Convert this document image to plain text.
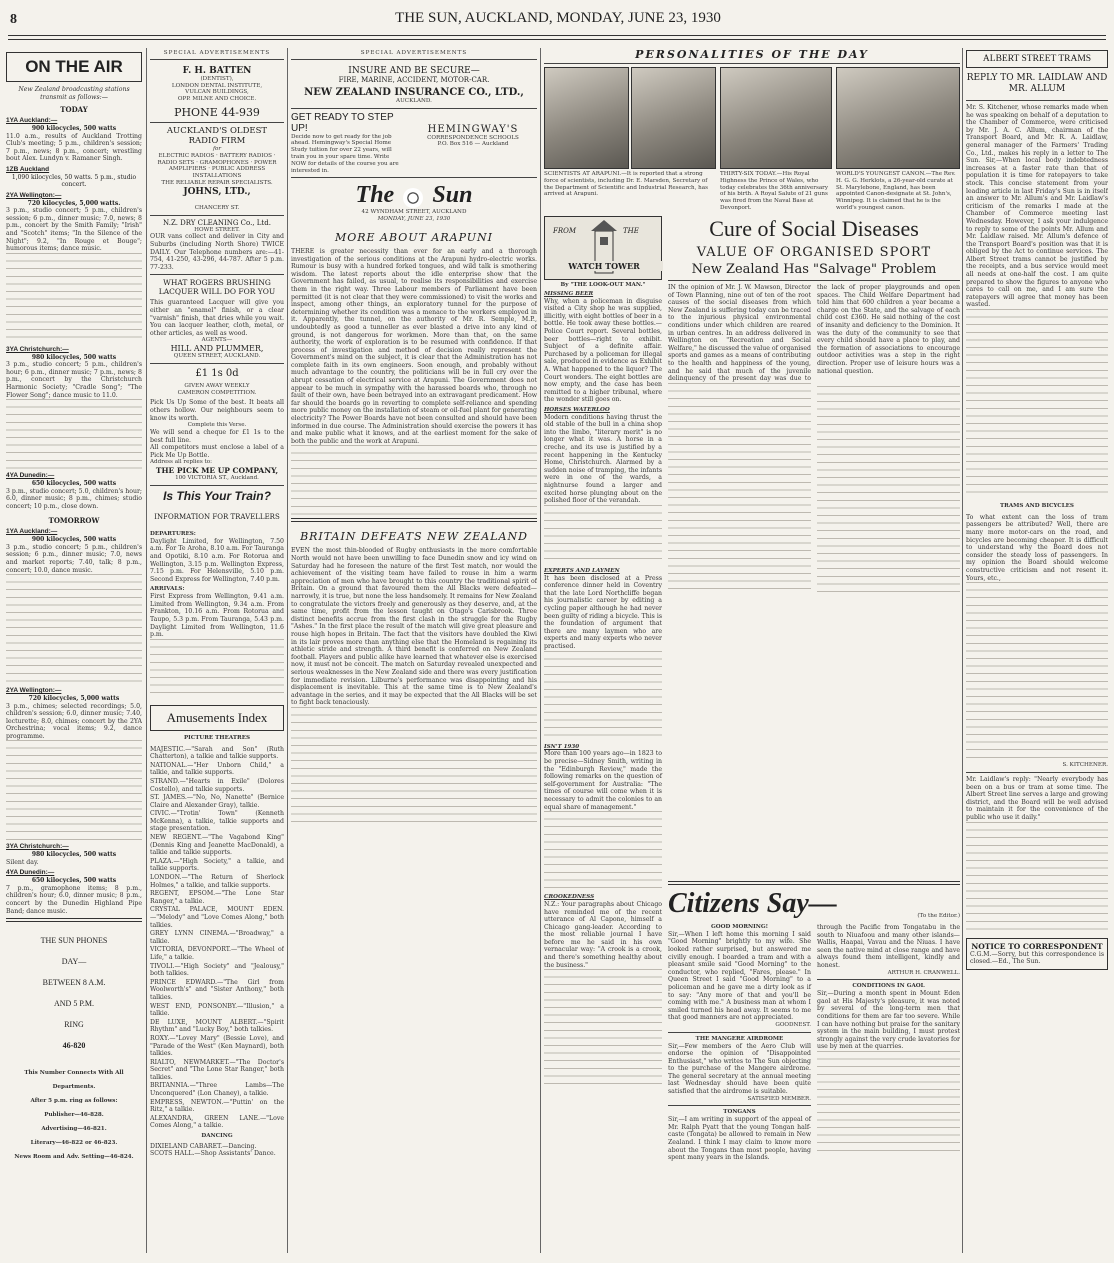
8	THE SUN, AUCKLAND, MONDAY, JUNE 23, 1930
ON THE AIR
New Zealand broadcasting stations transmit as follows:—
TODAY
1YA Auckland:—
900 kilocycles, 500 watts
11.0 a.m., results of Auckland Trotting Club's meeting; 5 p.m., children's session; 7 p.m., news; 8 p.m., concert; wrestling bout Alex. Lundyn v. Ramaner Singh.
1ZB Auckland
1,090 kilocycles, 50 watts. 5 p.m., studio concert.
2YA Wellington:—
720 kilocycles, 5,000 watts.
3 p.m., studio concert; 5 p.m., children's session; 6 p.m., dinner music; 7.0, news; 8 p.m., concert by the Smith Family; "Irish" and "Scotch" items; "In the Silence of the Night"; 9.2, "In Rouge et Bouge"; humorous items; dance music.
3YA Christchurch:—
980 kilocycles, 500 watts
3 p.m., studio concert; 5 p.m., children's hour; 6 p.m., dinner music; 7 p.m., news; 8 p.m., concert by the Christchurch Harmonic Society; "Cradle Song"; "The Flower Song"; dance music to 11.0.
4YA Dunedin:—
650 kilocycles, 500 watts
3 p.m., studio concert; 5.0, children's hour; 6.0, dinner music; 8 p.m., chimes; studio concert; 10 p.m., close down.
TOMORROW
1YA Auckland:—
900 kilocycles, 500 watts
3 p.m., studio concert; 5 p.m., children's session; 6 p.m., dinner music; 7.0, news and market reports; 7.40, talk; 8 p.m., concert; 10.0, dance music.
2YA Wellington:—
720 kilocycles, 5,000 watts
3 p.m., chimes; selected recordings; 5.0, children's session; 6.0, dinner music; 7.40, lecturette; 8.0, chimes; concert by the 2YA Orchestrina; vocal items; 9.2, dance programme.
3YA Christchurch:—
980 kilocycles, 500 watts
Silent day.
4YA Dunedin:—
650 kilocycles, 500 watts
7 p.m., gramophone items; 8 p.m., children's hour; 6.0, dinner music; 8 p.m., concert by the Dunedin Highland Pipe Band; dance music.
THE SUN PHONES
DAY—
BETWEEN 8 A.M.
AND 5 P.M.
RING
46-820
This Number Connects With All Departments.
After 5 p.m. ring as follows:
Publisher—46-828.
Advertising—46-821.
Literary—46-822 or 46-823.
News Room and Adv. Setting—46-824.
SPECIAL ADVERTISEMENTS
F. H. BATTEN
(DENTIST),
LONDON DENTAL INSTITUTE,
VULCAN BUILDINGS,
OPP. MILNE AND CHOICE.
PHONE 44-939
AUCKLAND'S OLDEST
RADIO FIRM
for
ELECTRIC RADIOS · BATTERY RADIOS · RADIO SETS · GRAMOPHONES · POWER AMPLIFIERS · PUBLIC ADDRESS INSTALLATIONS
THE RELIABLE REPAIR SPECIALISTS.
JOHNS, LTD.,
CHANCERY ST.
N.Z. DRY CLEANING Co., Ltd.
HOWE STREET.
OUR vans collect and deliver in City and Suburbs (including North Shore) TWICE DAILY. Our Telephone numbers are:—41-754, 41-250, 43-296, 44-787. After 5 p.m. 77-233.
WHAT ROGERS BRUSHING LACQUER WILL DO FOR YOU
This guaranteed Lacquer will give you either an "enamel" finish, or a clear "varnish" finish, that dries while you wait. You can lacquer leather, cloth, metal, or other articles, as well as wood.
AGENTS—
HILL AND PLUMMER,
QUEEN STREET, AUCKLAND.
£1 1s 0d
GIVEN AWAY WEEKLY
CAMERON COMPETITION.
Pick Us Up Some of the best. It beats all others hollow. Our neighbours seem to know its worth.
Complete this Verse.
We will send a cheque for £1 1s to the best full line.
All competitors must enclose a label of a Pick Me Up Bottle.
Address all replies to:
THE PICK ME UP COMPANY,
100 VICTORIA ST., Auckland.
Is This Your Train?
INFORMATION FOR TRAVELLERS
DEPARTURES:
Daylight Limited, for Wellington, 7.50 a.m. For Te Aroha, 8.10 a.m. For Tauranga and Opotiki, 8.10 a.m. For Rotorua and Wellington, 3.15 p.m. Wellington Express, 7.15 p.m. For Helensville, 5.10 p.m. Second Express for Wellington, 7.40 p.m.
ARRIVALS:
First Express from Wellington, 9.41 a.m. Limited from Wellington, 9.34 a.m. From Frankton, 10.16 a.m. From Rotorua and Taupo, 5.3 p.m. From Tauranga, 5.43 p.m. Daylight Limited from Wellington, 11.6 p.m.
Amusements Index
PICTURE THEATRES
MAJESTIC.—"Sarah and Son" (Ruth Chatterton), a talkie and talkie supports.
NATIONAL.—"Her Unborn Child," a talkie, and talkie supports.
STRAND.—"Hearts in Exile" (Dolores Costello), and talkie supports.
ST. JAMES.—"No, No, Nanette" (Bernice Claire and Alexander Gray), talkie.
CIVIC.—"Trotin' Town" (Kenneth McKenna), a talkie, talkie supports and stage presentation.
NEW REGENT.—"The Vagabond King" (Dennis King and Jeanette MacDonald), a talkie and talkie supports.
PLAZA.—"High Society," a talkie, and talkie supports.
LONDON.—"The Return of Sherlock Holmes," a talkie, and talkie supports.
REGENT, EPSOM.—"The Lone Star Ranger," a talkie.
CRYSTAL PALACE, MOUNT EDEN.—"Melody" and "Love Comes Along," both talkies.
GREY LYNN CINEMA.—"Broadway," a talkie.
VICTORIA, DEVONPORT.—"The Wheel of Life," a talkie.
TIVOLI.—"High Society" and "Jealousy," both talkies.
PRINCE EDWARD.—"The Girl from Woolworth's" and "Sister Anthony," both talkies.
WEST END, PONSONBY.—"Illusion," a talkie.
DE LUXE, MOUNT ALBERT.—"Spirit Rhythm" and "Lucky Boy," both talkies.
ROXY.—"Lovey Mary" (Bessie Love), and "Parade of the West" (Ken Maynard), both talkies.
RIALTO, NEWMARKET.—"The Doctor's Secret" and "The Lone Star Ranger," both talkies.
BRITANNIA.—"Three Lambs—The Unconquered" (Lon Chaney), a talkie.
EMPRESS, NEWTON.—"Puttin' on the Ritz," a talkie.
ALEXANDRA, GREEN LANE.—"Love Comes Along," a talkie.
DANCING
DIXIELAND CABARET.—Dancing.
SCOTS HALL.—Shop Assistants' Dance.
SPECIAL ADVERTISEMENTS
INSURE AND BE SECURE—
FIRE, MARINE, ACCIDENT, MOTOR-CAR.
NEW ZEALAND INSURANCE CO., LTD.,
AUCKLAND.
GET READY TO STEP UP!
Decide now to get ready for the job ahead. Hemingway's Special Home Study tuition for over 22 years, will train you in your spare time. Write NOW for details of the course you are interested in.
HEMINGWAY'S
CORRESPONDENCE SCHOOLS
P.O. Box 516 — Auckland
The Sun
42 WYNDHAM STREET, AUCKLAND
MONDAY, JUNE 23, 1930
MORE ABOUT ARAPUNI
THERE is greater necessity than ever for an early and a thorough investigation of the serious conditions at the Arapuni hydro-electric works. Rumour is busy with a hundred forked tongues, and wild talk is smothering wisdom. The latest reports about the idle enterprise show that the Government has failed, as usual, to realise its responsibilities and exercise them in the right way. Three Labour members of Parliament have been permitted (it is not clear that they were commissioned) to visit the works and inspect, among other things, an exploratory tunnel for the purpose of determining whether its condition was a menace to the workers employed in it. Apparently, the tunnel, on the authority of Mr. R. Semple, M.P., undoubtedly as good a tunneller as ever blasted a drive into any kind of ground, is not dangerous for workmen. More than that, on the same authority, the work of exploration is to be resumed with confidence. If that process of investigation and method of decision really represent the Government's mind on the subject, it is clear that the Administration has not complete faith in its own engineers. Soon enough, and probably without much advantage to the country, the politicians will be in full cry over the abrupt cessation of electrical service at Arapuni. The Government does not appear to be much in sympathy with the harassed boards who, through no fault of their own, have been betrayed into an extravagant predicament. How far should the boards go in reverting to complete self-reliance and spending more public money on the installation of steam or oil-fuel plant for generating electricity? The Power Boards have not been consulted and should have been informed in due course. The Administration should exercise the powers it has and make public what it knows, and at the earliest moment for the sake of both the public and the work at Arapuni.
BRITAIN DEFEATS NEW ZEALAND
EVEN the most thin-blooded of Rugby enthusiasts in the more comfortable North would not have been unwilling to face Dunedin snow and icy wind on Saturday had he foreseen the nature of the first Test match, nor would the achievement of the visiting team have failed to rouse in him a warm appreciation of men who have brought to this country the traditional spirit of Britain. On a ground that favoured them the All Blacks were defeated—narrowly, it is true, but none the less handsomely. It remains for New Zealand to congratulate the victors freely and generously as they deserve, and, at the same time, profit from the lesson taught on Otago's Carisbrook. Three distinct benefits accrue from the first clash in the struggle for the Rugby "Ashes." In the first place the result of the match will give great pleasure and rouse high hopes in Britain. The fact that the visitors have doubled the Kiwi in its lair proves more than anything else that the Homeland is regaining its athletic stride and strength. A third benefit is conferred on New Zealand football. Players and public alike have learned that whatever else is exercised now, it must not be conceit. The match on Saturday revealed unexpected and serious weaknesses in the New Zealand side and there was every justification for immediate revision. Lilburne's performance was disappointing and his displacement is inevitable. This at the same time is to New Zealand's advantage in the series, and it may be expected that the All Blacks will be set to fight back tenaciously.
PERSONALITIES OF THE DAY
SCIENTISTS AT ARAPUNI.—It is reported that a strong force of scientists, including Dr. E. Marsden, Secretary of the Department of Scientific and Industrial Research, has arrived at Arapuni.
THIRTY-SIX TODAY.—His Royal Highness the Prince of Wales, who today celebrates the 36th anniversary of his birth. A Royal Salute of 21 guns was fired from the Naval Base at Devonport.
WORLD'S YOUNGEST CANON.—The Rev. H. G. G. Herklots, a 26-year-old curate at St. Marylebone, England, has been appointed Canon-designate at St. John's, Winnipeg. It is claimed that he is the world's youngest canon.
FROM	THE
WATCH TOWER
By "THE LOOK-OUT MAN."
MISSING BEER
Why, when a policeman in disguise visited a City shop he was supplied, illicitly, with eight bottles of beer in a bottle. He took away these bottles.—Police Court report. Several bottles, beer bottles—right to exhibit. Subject of a definite affair. Purchased by a policeman for illegal sale, produced in evidence as Exhibit A. What happened to the liquor? The Court wonders. The eight bottles are now empty, and the case has been remitted to a higher tribunal, where the wonder still goes on.
HORSES WATERLOO
Modern conditions having thrust the old stable of the bull in a china shop into the limbo, "literary merit" is no longer what it was. A horse in a creche, and its use is justified by a recent happening in the Kentucky Home, Christchurch. Alarmed by a sudden noise of tramping, the infants were in one of the wards, a nightnurse found a larger and excited horse plunging about on the polished floor of the verandah.
EXPERTS AND LAYMEN
It has been disclosed at a Press conference dinner held in Coventry that the late Lord Northcliffe began his journalistic career by editing a cycling paper although he had never been guilty of riding a bicycle. This is the foundation of argument that there are many laymen who are experts and many experts who never practised.
ISN'T 1930
More than 100 years ago—in 1823 to be precise—Sidney Smith, writing in the "Edinburgh Review," made the following remarks on the question of self-government for Australia: "The times of course will come when it is necessary to admit the colonies to an equal share of management."
CROOKEDNESS
N.Z.: Your paragraphs about Chicago have reminded me of the recent utterance of Al Capone, himself a Chicago gang-leader. According to the most reliable journal I have before me he said in his own vernacular way: "A crook is a crook, and there's something healthy about the business."
Cure of Social Diseases
VALUE OF ORGANISED SPORT
New Zealand Has "Salvage" Problem
IN the opinion of Mr. J. W. Mawson, Director of Town Planning, nine out of ten of the root causes of the social diseases from which New Zealand is suffering today can be traced to the injurious physical environmental conditions under which children are reared in urban centres. In an address delivered in Wellington on "Recreation and Social Welfare," he discussed the value of organised sports and games as a means of contributing to the health and happiness of the young, and he said that much of the juvenile delinquency of the present day was due to the lack of proper playgrounds and open spaces. The Child Welfare Department had told him that 600 children a year became a charge on the State, and the salvage of each child cost £360. He said nothing of the cost of insanity and deficiency to the Dominion. It was the duty of the community to see that every child should have a place to play, and the formation of associations to encourage outdoor activities was a step in the right direction. Proper use of leisure hours was a national question.
Citizens Say—	(To the Editor.)
GOOD MORNING!
Sir,—When I left home this morning I said "Good Morning" brightly to my wife. She looked rather surprised, but answered me civilly enough. I boarded a tram and with a pleasant smile said "Good Morning" to the conductor, who replied, "Fares, please." In Queen Street I said "Good Morning" to a policeman and he gave me a dirty look as if to say: "Any more of that and you'll be coming with me." A business man at whom I smiled turned his head away. It seems to me that good manners are not appreciated.
GOODNEST.
THE MANGERE AIRDROME
Sir,—Few members of the Aero Club will endorse the opinion of "Disappointed Enthusiast," who writes to The Sun objecting to the purchase of the Mangere airdrome. The general secretary at the annual meeting last Wednesday should have been quite satisfied that the airdrome is suitable.
SATISFIED MEMBER.
TONGANS
Sir,—I am writing in support of the appeal of Mr. Ralph Pyatt that the young Tongan half-caste (Tongata) be allowed to remain in New Zealand. I think I may claim to know more about the Tongans than most people, having spent many years in the Islands.
through the Pacific from Tongatabu in the south to Niuafoou and many other islands—Wallis, Haapai, Vavau and the Niuas. I have seen the native mind at close range and have always found them intelligent, kindly and honest.
ARTHUR H. CRANWELL.
CONDITIONS IN GAOL
Sir,—During a month spent in Mount Eden gaol at His Majesty's pleasure, it was noted by several of the long-term men that conditions for them are far too severe. While I can have nothing but praise for the sanitary system in the main building, I must protest strongly against the very crude lavatories for use by men at the quarries.
ALBERT STREET TRAMS
REPLY TO MR. LAIDLAW AND MR. ALLUM
Mr. S. Kitchener, whose remarks made when he was speaking on behalf of a deputation to the Chamber of Commerce, were criticised by Mr. J. A. C. Allum, chairman of the Transport Board, and Mr. R. A. Laidlaw, general manager of the Farmers' Trading Co., Ltd., makes his reply in a letter to The Sun. Sir,—When local body indebtedness increases at a faster rate than that of population it is time for ratepayers to take stock. This concise statement from your leading article in last Friday's Sun is in itself an answer to Mr. Allum's and Mr. Laidlaw's criticism of the remarks I made at the Chamber of Commerce meeting last Wednesday. However, I ask your indulgence to reply to some of the points Mr. Allum and Mr. Laidlaw raised. Mr. Allum's defence of the Transport Board's position was that it is obliged by the Act to continue services. The Albert Street trams cannot be justified by the receipts, and a bus service would meet all needs at one-half the cost. I am quite prepared to show the figures to anyone who cares to call on me, and I am sure the ratepayers will agree that money has been wasted.
TRAMS AND BICYCLES
To what extent can the loss of tram passengers be attributed? Well, there are many more motor-cars on the road, and bicycles are becoming cheaper. It is difficult to understand why the Board does not consider the steady loss of passengers. In my opinion the Board should welcome constructive criticism and not resent it. Yours, etc.,
S. KITCHENER.
Mr. Laidlaw's reply: "Nearly everybody has been on a bus or tram at some time. The Albert Street line serves a large and growing district, and the Board will be well advised to maintain it for the convenience of the public who use it daily."
NOTICE TO CORRESPONDENT
C.G.M.—Sorry, but this correspondence is closed.—Ed., The Sun.
